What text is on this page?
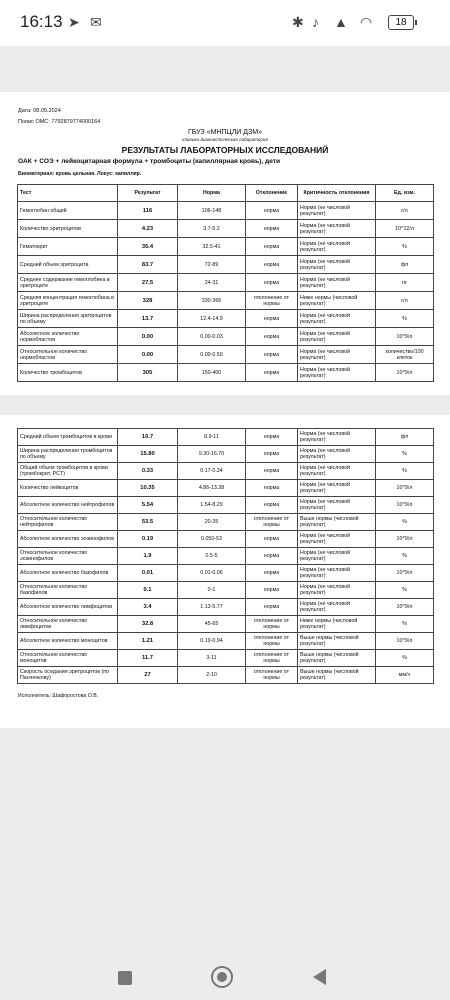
16:13 ➤ ✉	✱ ♪ ▲ ◠	18
Дата: 08.05.2024
Полис ОМС: 7792879774000164
ГБУЗ «МНПЦЛИ ДЗМ»
клинико-диагностическая лаборатория
РЕЗУЛЬТАТЫ ЛАБОРАТОРНЫХ ИССЛЕДОВАНИЙ
ОАК + СОЭ + лейкоцитарная формула + тромбоциты (капиллярная кровь), дети
Биоматериал: кровь цельная. Локус: капилляр.
Тест	Результат	Норма	Отклонение	Критичность отклонения	Ед. изм.
Гемоглобин общий	116	106-148	норма	Норма (не числовой результат)	г/л
Количество эритроцитов	4.23	3.7-5.2	норма	Норма (не числовой результат)	10^12/л
Гематокрит	35.4	32.5-41	норма	Норма (не числовой результат)	%
Средний объем эритроцита	83.7	72-89	норма	Норма (не числовой результат)	фл
Среднее содержание гемоглобина в эритроците	27.5	24-31	норма	Норма (не числовой результат)	пг
Средняя концентрация гемоглобина в эритроците	328	330-366	отклонение от нормы	Ниже нормы (числовой результат)	г/л
Ширина распределения эритроцитов по объему	13.7	12.4-14.9	норма	Норма (не числовой результат)	%
Абсолютное количество нормобластов	0.00	0.00-0.03	норма	Норма (не числовой результат)	10^9/л
Относительное количество нормобластов	0.00	0.00-0.50	норма	Норма (не числовой результат)	количество/100 клеток
Количество тромбоцитов	305	150-400	норма	Норма (не числовой результат)	10^9/л
Средний объем тромбоцитов в крови	10.7	8.9-11	норма	Норма (не числовой результат)	фл
Ширина распределения тромбоцитов по объему	15.80	9.30-16.70	норма	Норма (не числовой результат)	%
Общий объем тромбоцитов в крови (тромбокрит, PCT)	0.33	0.17-0.34	норма	Норма (не числовой результат)	%
Количество лейкоцитов	10.35	4.86-13.38	норма	Норма (не числовой результат)	10^9/л
Абсолютное количество нейтрофилов	5.54	1.54-8.29	норма	Норма (не числовой результат)	10^9/л
Относительное количество нейтрофилов	53.5	20-35	отклонение от нормы	Выше нормы (числовой результат)	%
Абсолютное количество эозинофилов	0.19	0.050-53	норма	Норма (не числовой результат)	10^9/л
Относительное количество эозинофилов	1.9	0.5-5	норма	Норма (не числовой результат)	%
Абсолютное количество базофилов	0.01	0.01-0.06	норма	Норма (не числовой результат)	10^9/л
Относительное количество базофилов	0.1	0-1	норма	Норма (не числовой результат)	%
Абсолютное количество лимфоцитов	3.4	1.13-5.77	норма	Норма (не числовой результат)	10^9/л
Относительное количество лимфоцитов	32.8	45-65	отклонение от нормы	Ниже нормы (числовой результат)	%
Абсолютное количество моноцитов	1.21	0.19-0.94	отклонение от нормы	Выше нормы (числовой результат)	10^9/л
Относительное количество моноцитов	11.7	3-11	отклонение от нормы	Выше нормы (числовой результат)	%
Скорость оседания эритроцитов (по Панченкову)	27	2-10	отклонение от нормы	Выше нормы (числовой результат)	мм/ч
Исполнитель: Шафоростова О.В.
